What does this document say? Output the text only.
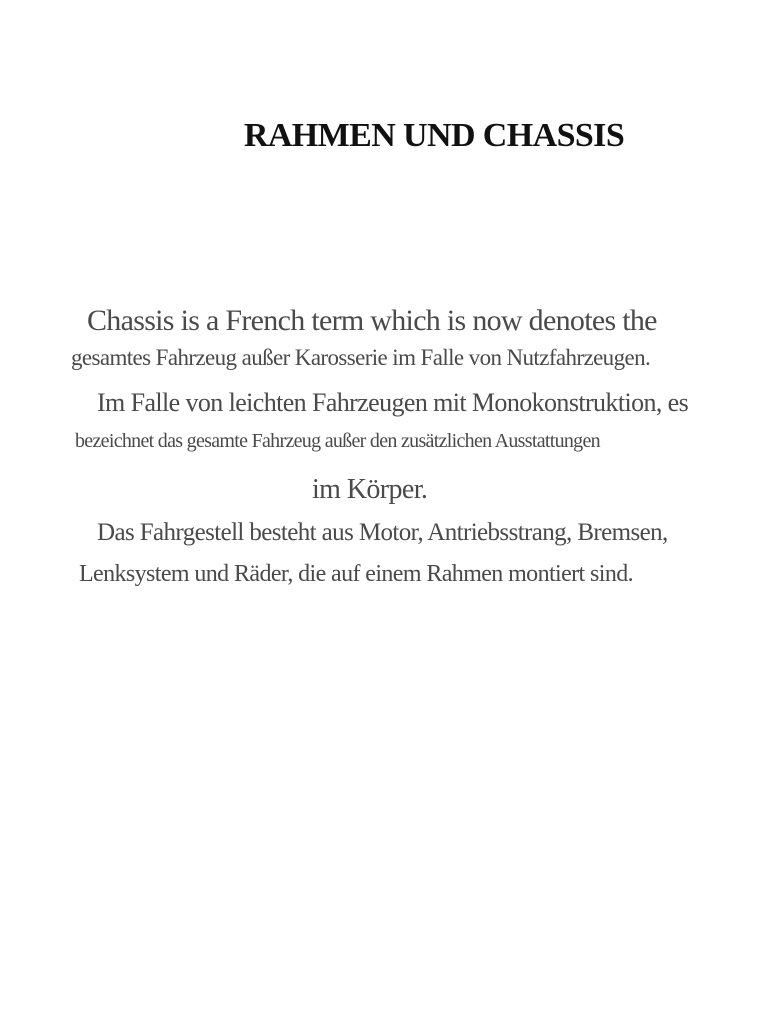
RAHMEN UND CHASSIS
Chassis is a French term which is now denotes the
gesamtes Fahrzeug außer Karosserie im Falle von Nutzfahrzeugen.
Im Falle von leichten Fahrzeugen mit Monokonstruktion, es
bezeichnet das gesamte Fahrzeug außer den zusätzlichen Ausstattungen
im Körper.
Das Fahrgestell besteht aus Motor, Antriebsstrang, Bremsen,
Lenksystem und Räder, die auf einem Rahmen montiert sind.
